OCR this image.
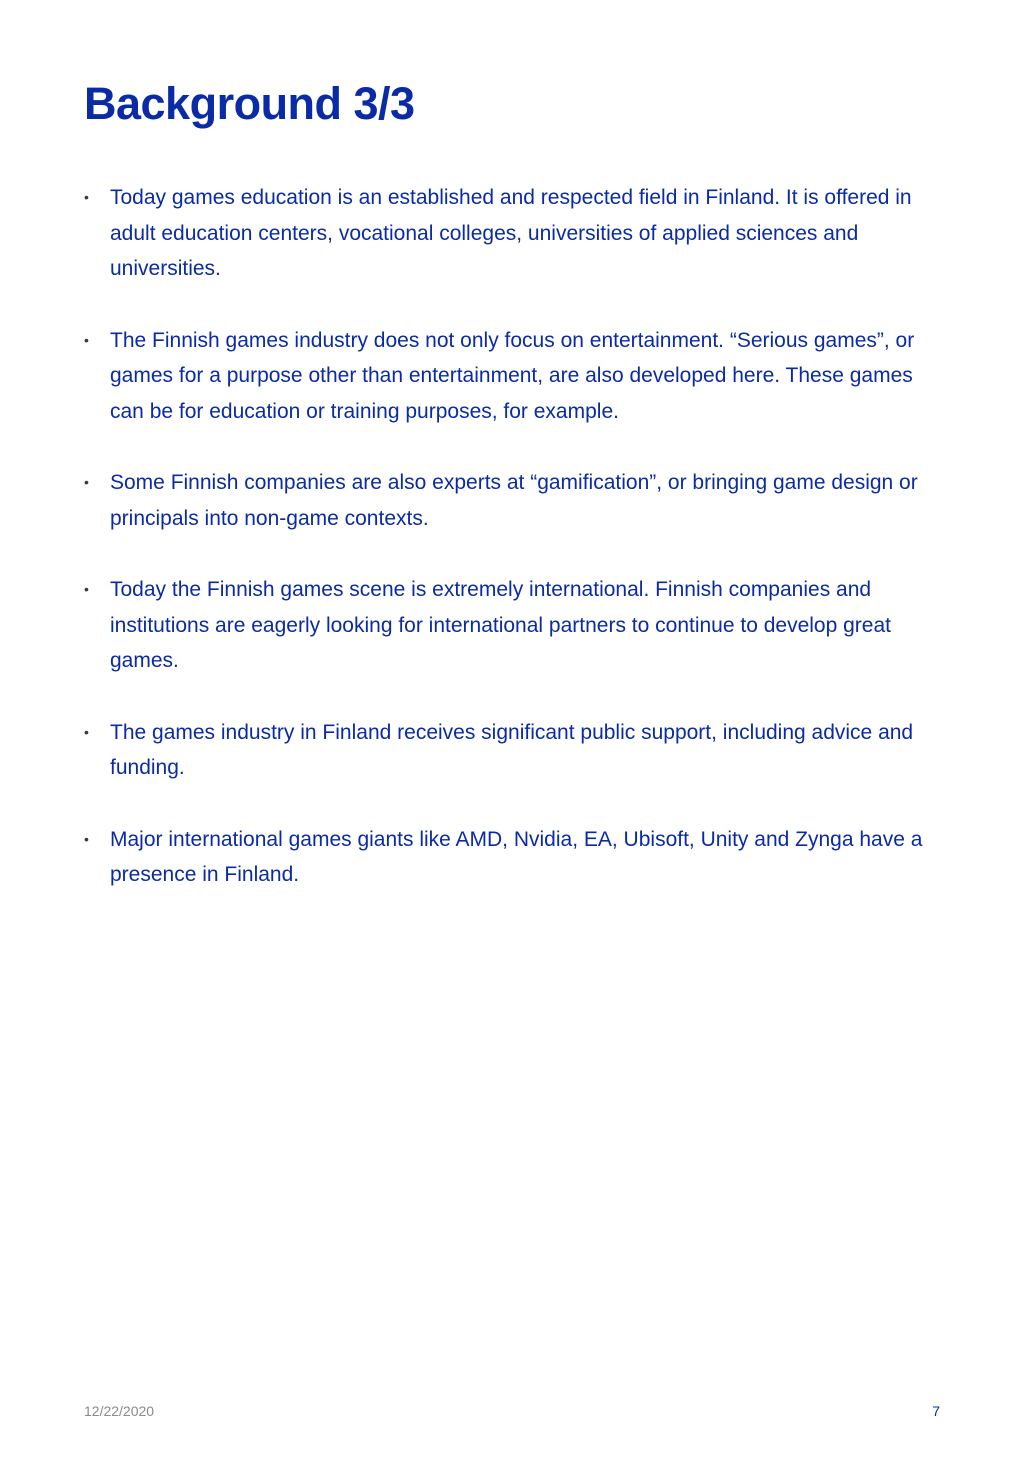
Background 3/3
•	Today games education is an established and respected field in Finland. It is offered in adult education centers, vocational colleges, universities of applied sciences and universities.
•	The Finnish games industry does not only focus on entertainment. “Serious games”, or games for a purpose other than entertainment, are also developed here. These games can be for education or training purposes, for example.
•	Some Finnish companies are also experts at “gamification”, or bringing game design or principals into non-game contexts.
•	Today the Finnish games scene is extremely international. Finnish companies and institutions are eagerly looking for international partners to continue to develop great games.
•	The games industry in Finland receives significant public support, including advice and funding.
•	Major international games giants like AMD, Nvidia, EA, Ubisoft, Unity and Zynga have a presence in Finland.
12/22/2020	7
